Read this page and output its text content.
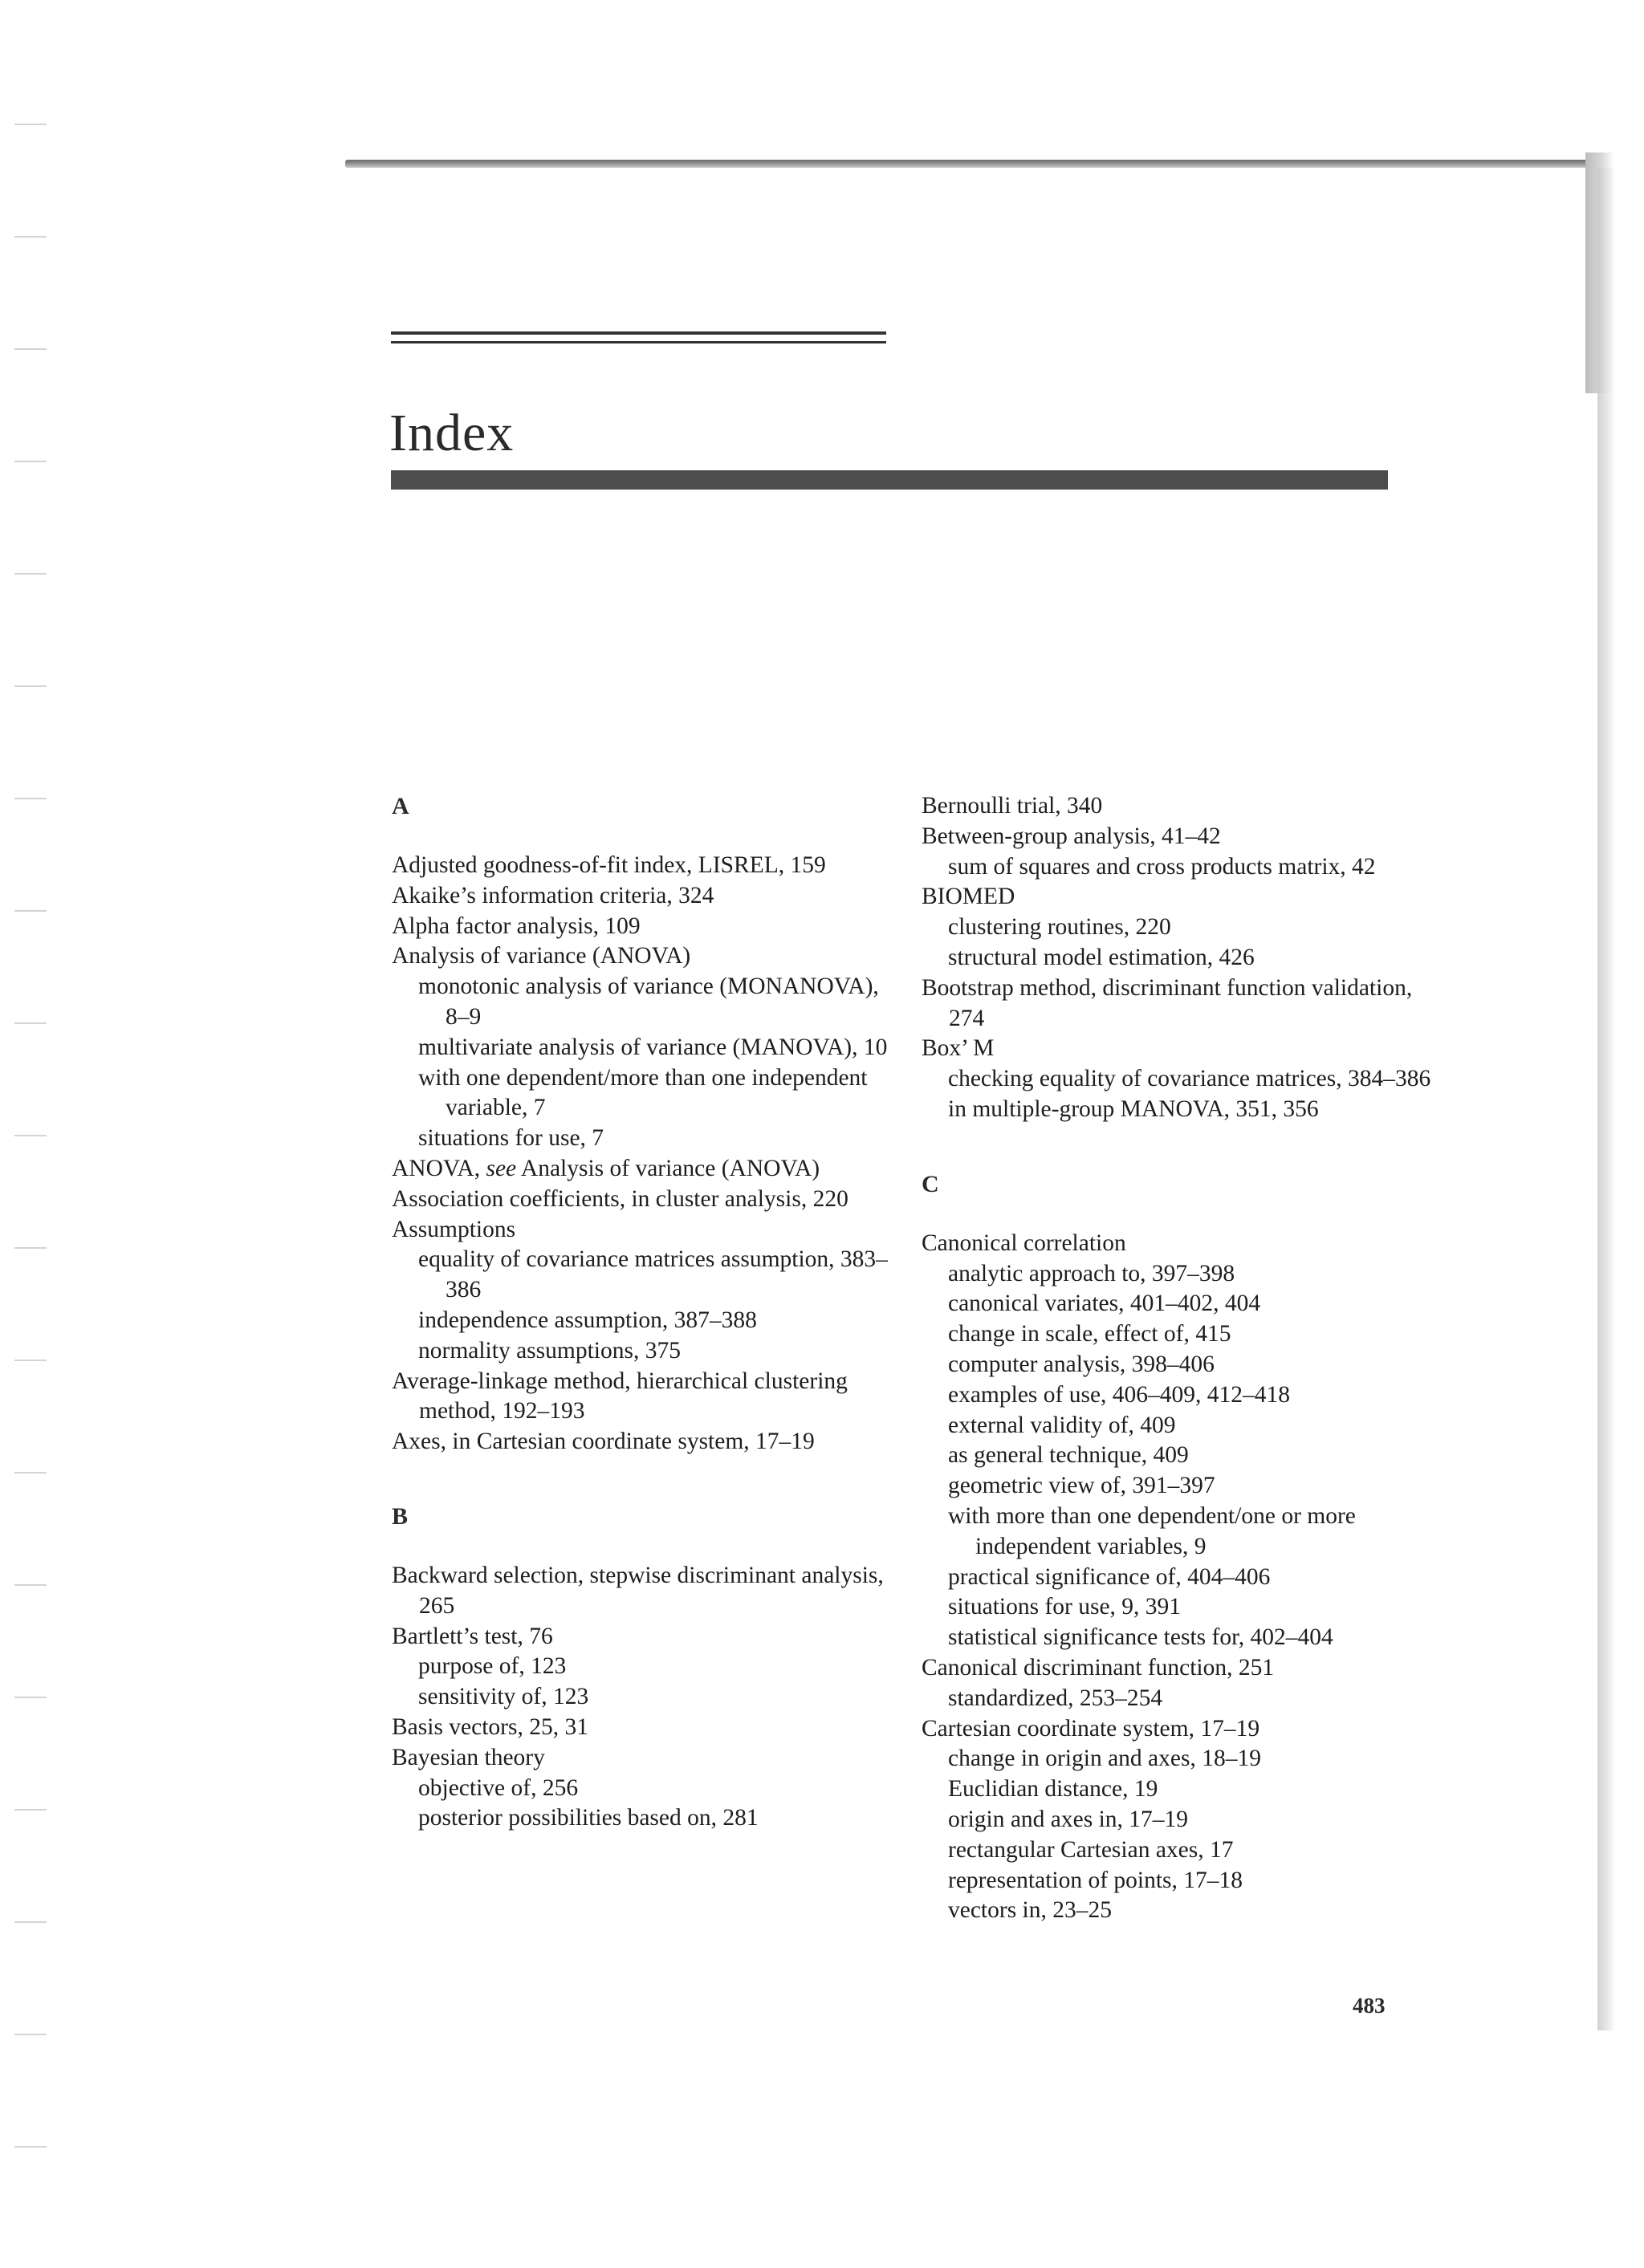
Index
A

Adjusted goodness-of-fit index, LISREL, 159

Akaike’s information criteria, 324

Alpha factor analysis, 109

Analysis of variance (ANOVA)

monotonic analysis of variance (MONANOVA), 8–9

multivariate analysis of variance (MANOVA), 10

with one dependent/more than one independent variable, 7

situations for use, 7

ANOVA, see Analysis of variance (ANOVA)

Association coefficients, in cluster analysis, 220

Assumptions

equality of covariance matrices assumption, 383–386

independence assumption, 387–388

normality assumptions, 375

Average-linkage method, hierarchical clustering method, 192–193

Axes, in Cartesian coordinate system, 17–19

B

Backward selection, stepwise discriminant analysis, 265

Bartlett’s test, 76

purpose of, 123

sensitivity of, 123

Basis vectors, 25, 31

Bayesian theory

objective of, 256

posterior possibilities based on, 281

Bernoulli trial, 340

Between-group analysis, 41–42

sum of squares and cross products matrix, 42

BIOMED

clustering routines, 220

structural model estimation, 426

Bootstrap method, discriminant function validation, 274

Box’ M

checking equality of covariance matrices, 384–386

in multiple-group MANOVA, 351, 356

C

Canonical correlation

analytic approach to, 397–398

canonical variates, 401–402, 404

change in scale, effect of, 415

computer analysis, 398–406

examples of use, 406–409, 412–418

external validity of, 409

as general technique, 409

geometric view of, 391–397

with more than one dependent/one or more independent variables, 9

practical significance of, 404–406

situations for use, 9, 391

statistical significance tests for, 402–404

Canonical discriminant function, 251

standardized, 253–254

Cartesian coordinate system, 17–19

change in origin and axes, 18–19

Euclidian distance, 19

origin and axes in, 17–19

rectangular Cartesian axes, 17

representation of points, 17–18

vectors in, 23–25

483
